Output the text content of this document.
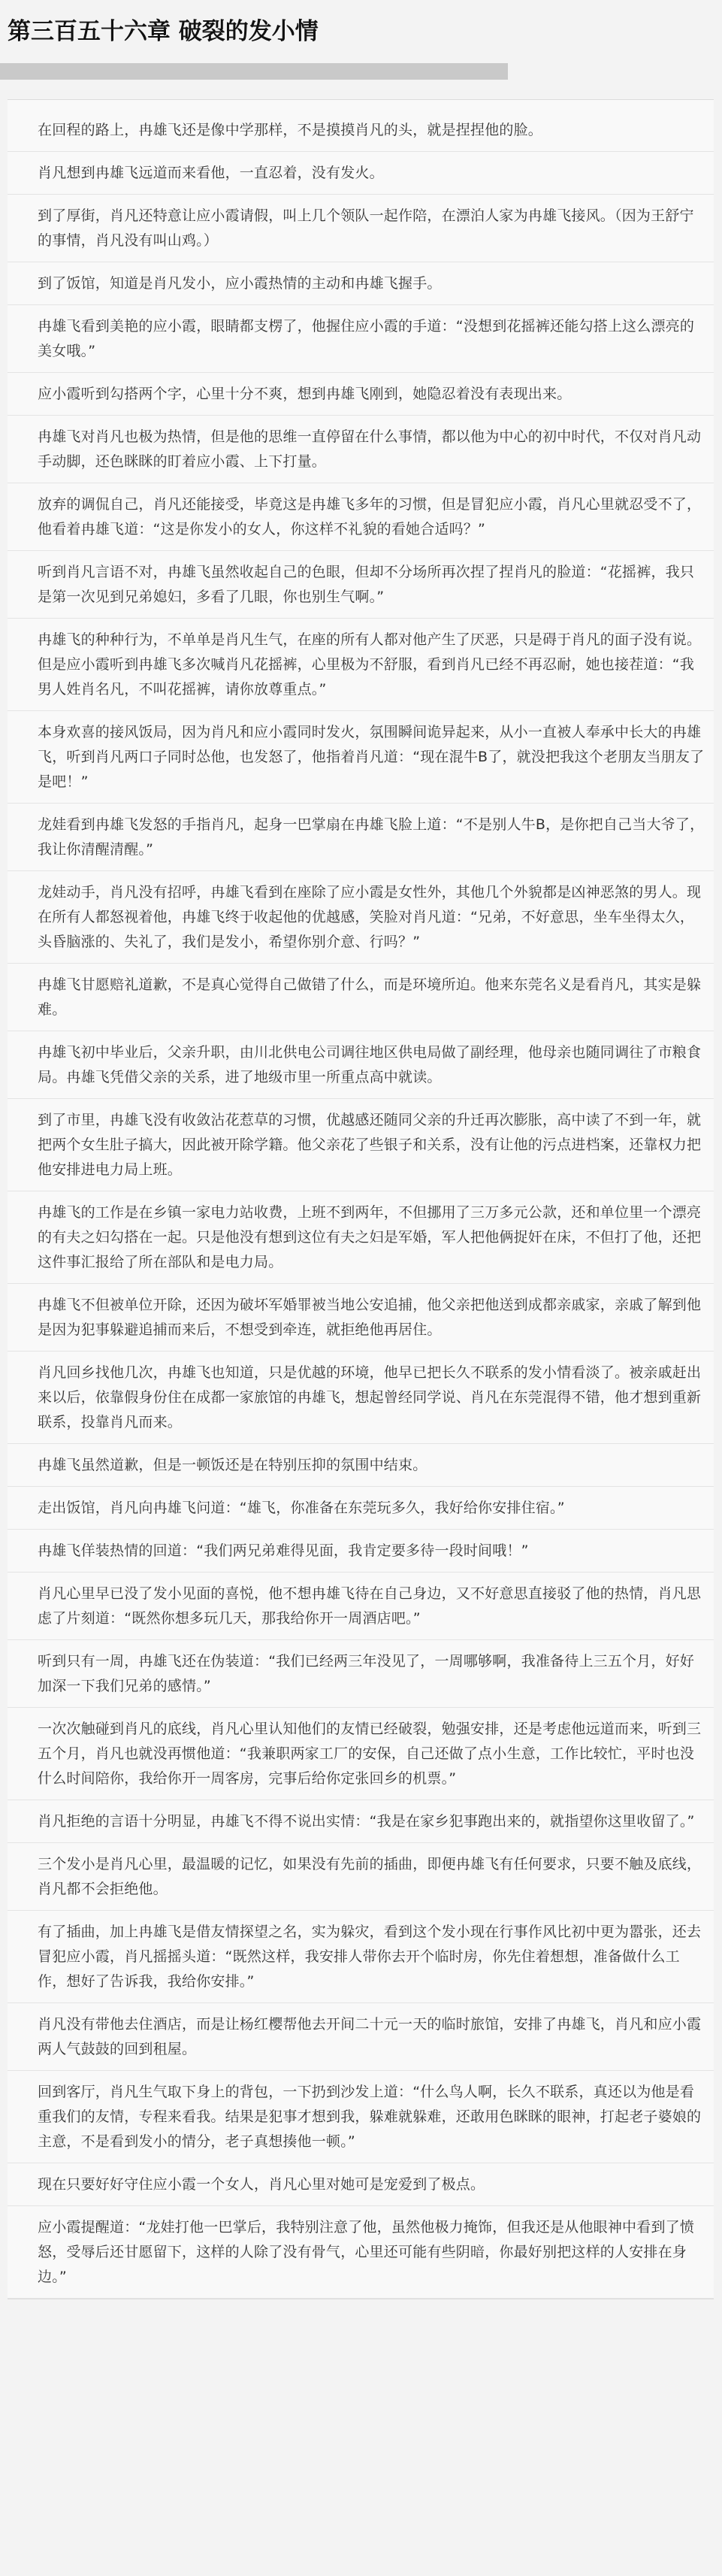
第三百五十六章 破裂的发小情

在回程的路上，冉雄飞还是像中学那样，不是摸摸肖凡的头，就是捏捏他的脸。

肖凡想到冉雄飞远道而来看他，一直忍着，没有发火。

到了厚街，肖凡还特意让应小霞请假，叫上几个领队一起作陪，在漂泊人家为冉雄飞接风。（因为王舒宁的事情，肖凡没有叫山鸡。）

到了饭馆，知道是肖凡发小，应小霞热情的主动和冉雄飞握手。

冉雄飞看到美艳的应小霞，眼睛都支楞了，他握住应小霞的手道：“没想到花摇裤还能勾搭上这么漂亮的美女哦。”

应小霞听到勾搭两个字，心里十分不爽，想到冉雄飞刚到，她隐忍着没有表现出来。

冉雄飞对肖凡也极为热情，但是他的思维一直停留在什么事情，都以他为中心的初中时代，不仅对肖凡动手动脚，还色眯眯的盯着应小霞、上下打量。

放弃的调侃自己，肖凡还能接受，毕竟这是冉雄飞多年的习惯，但是冒犯应小霞，肖凡心里就忍受不了，他看着冉雄飞道：“这是你发小的女人，你这样不礼貌的看她合适吗？”

听到肖凡言语不对，冉雄飞虽然收起自己的色眼，但却不分场所再次捏了捏肖凡的脸道：“花摇裤，我只是第一次见到兄弟媳妇，多看了几眼，你也别生气啊。”

冉雄飞的种种行为，不单单是肖凡生气，在座的所有人都对他产生了厌恶，只是碍于肖凡的面子没有说。但是应小霞听到冉雄飞多次喊肖凡花摇裤，心里极为不舒服，看到肖凡已经不再忍耐，她也接茬道：“我男人姓肖名凡，不叫花摇裤，请你放尊重点。”

本身欢喜的接风饭局，因为肖凡和应小霞同时发火，氛围瞬间诡异起来，从小一直被人奉承中长大的冉雄飞，听到肖凡两口子同时怂他，也发怒了，他指着肖凡道：“现在混牛B了，就没把我这个老朋友当朋友了是吧！”

龙娃看到冉雄飞发怒的手指肖凡，起身一巴掌扇在冉雄飞脸上道：“不是别人牛B，是你把自己当大爷了，我让你清醒清醒。”

龙娃动手，肖凡没有招呼，冉雄飞看到在座除了应小霞是女性外，其他几个外貌都是凶神恶煞的男人。现在所有人都怒视着他，冉雄飞终于收起他的优越感，笑脸对肖凡道：“兄弟，不好意思，坐车坐得太久，头昏脑涨的、失礼了，我们是发小，希望你别介意、行吗？”

冉雄飞甘愿赔礼道歉，不是真心觉得自己做错了什么，而是环境所迫。他来东莞名义是看肖凡，其实是躲难。

冉雄飞初中毕业后，父亲升职，由川北供电公司调往地区供电局做了副经理，他母亲也随同调往了市粮食局。冉雄飞凭借父亲的关系，进了地级市里一所重点高中就读。

到了市里，冉雄飞没有收敛沾花惹草的习惯，优越感还随同父亲的升迁再次膨胀，高中读了不到一年，就把两个女生肚子搞大，因此被开除学籍。他父亲花了些银子和关系，没有让他的污点进档案，还靠权力把他安排进电力局上班。

冉雄飞的工作是在乡镇一家电力站收费，上班不到两年，不但挪用了三万多元公款，还和单位里一个漂亮的有夫之妇勾搭在一起。只是他没有想到这位有夫之妇是军婚，军人把他俩捉奸在床，不但打了他，还把这件事汇报给了所在部队和是电力局。

冉雄飞不但被单位开除，还因为破坏军婚罪被当地公安追捕，他父亲把他送到成都亲戚家，亲戚了解到他是因为犯事躲避追捕而来后，不想受到牵连，就拒绝他再居住。

肖凡回乡找他几次，冉雄飞也知道，只是优越的环境，他早已把长久不联系的发小情看淡了。被亲戚赶出来以后，依靠假身份住在成都一家旅馆的冉雄飞，想起曾经同学说、肖凡在东莞混得不错，他才想到重新联系，投靠肖凡而来。

冉雄飞虽然道歉，但是一顿饭还是在特别压抑的氛围中结束。

走出饭馆，肖凡向冉雄飞问道：“雄飞，你准备在东莞玩多久，我好给你安排住宿。”

冉雄飞佯装热情的回道：“我们两兄弟难得见面，我肯定要多待一段时间哦！”

肖凡心里早已没了发小见面的喜悦，他不想冉雄飞待在自己身边，又不好意思直接驳了他的热情，肖凡思虑了片刻道：“既然你想多玩几天，那我给你开一周酒店吧。”

听到只有一周，冉雄飞还在伪装道：“我们已经两三年没见了，一周哪够啊，我准备待上三五个月，好好加深一下我们兄弟的感情。”

一次次触碰到肖凡的底线，肖凡心里认知他们的友情已经破裂，勉强安排，还是考虑他远道而来，听到三五个月，肖凡也就没再惯他道：“我兼职两家工厂的安保，自己还做了点小生意，工作比较忙，平时也没什么时间陪你，我给你开一周客房，完事后给你定张回乡的机票。”

肖凡拒绝的言语十分明显，冉雄飞不得不说出实情：“我是在家乡犯事跑出来的，就指望你这里收留了。”

三个发小是肖凡心里，最温暖的记忆，如果没有先前的插曲，即便冉雄飞有任何要求，只要不触及底线，肖凡都不会拒绝他。

有了插曲，加上冉雄飞是借友情探望之名，实为躲灾，看到这个发小现在行事作风比初中更为嚣张，还去冒犯应小霞，肖凡摇摇头道：“既然这样，我安排人带你去开个临时房，你先住着想想，准备做什么工作，想好了告诉我，我给你安排。”

肖凡没有带他去住酒店，而是让杨红樱帮他去开间二十元一天的临时旅馆，安排了冉雄飞，肖凡和应小霞两人气鼓鼓的回到租屋。

回到客厅，肖凡生气取下身上的背包，一下扔到沙发上道：“什么鸟人啊，长久不联系，真还以为他是看重我们的友情，专程来看我。结果是犯事才想到我，躲难就躲难，还敢用色眯眯的眼神，打起老子婆娘的主意，不是看到发小的情分，老子真想揍他一顿。”

现在只要好好守住应小霞一个女人，肖凡心里对她可是宠爱到了极点。

应小霞提醒道：“龙娃打他一巴掌后，我特别注意了他，虽然他极力掩饰，但我还是从他眼神中看到了愤怒，受辱后还甘愿留下，这样的人除了没有骨气，心里还可能有些阴暗，你最好别把这样的人安排在身边。”
